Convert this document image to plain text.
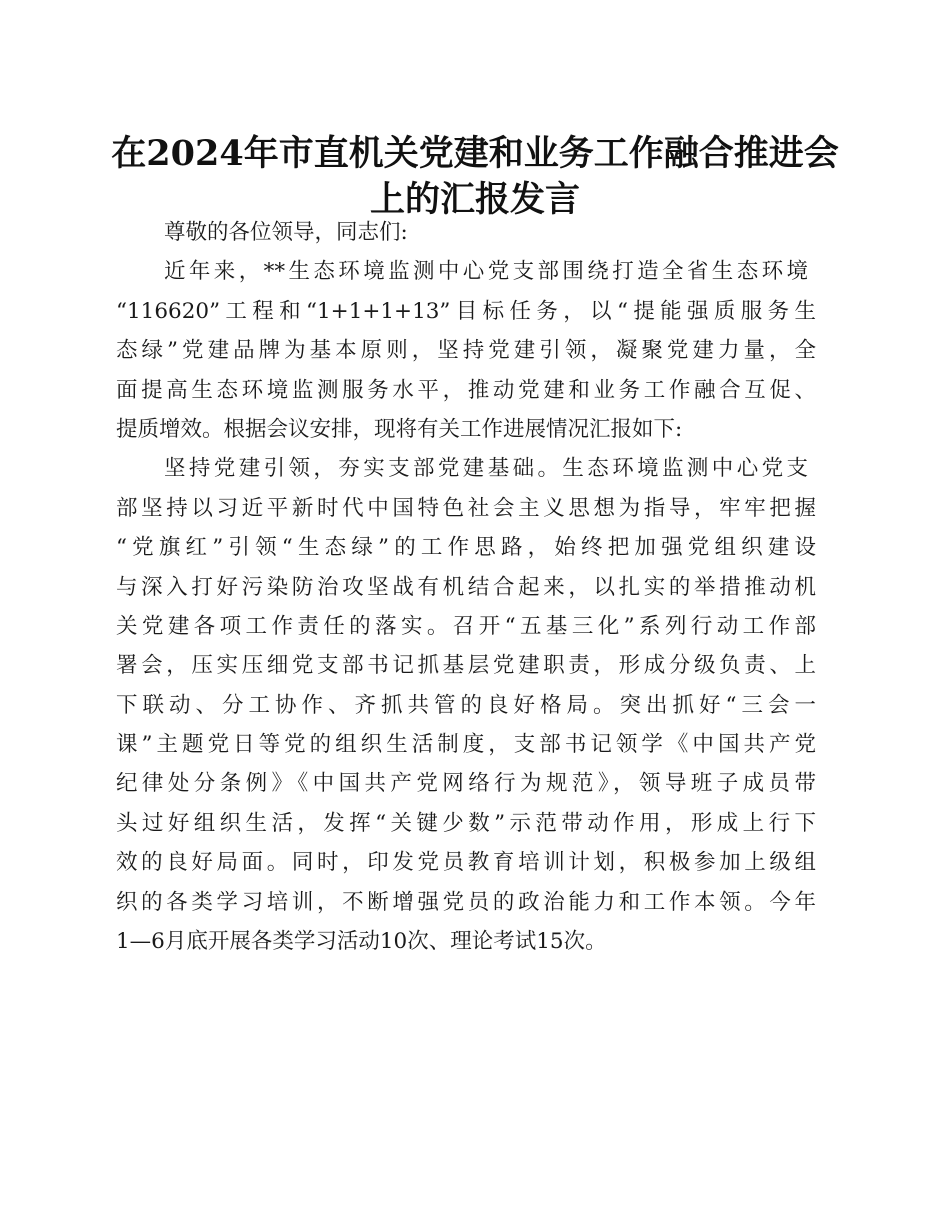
在2024年市直机关党建和业务工作融合推进会
上的汇报发言
尊敬的各位领导，同志们:
近年来，**生态环境监测中心党支部围绕打造全省生态环境
“116620”工程和“1+1+1+13”目标任务，以“提能强质服务生
态绿”党建品牌为基本原则，坚持党建引领，凝聚党建力量，全
面提高生态环境监测服务水平，推动党建和业务工作融合互促、
提质增效。根据会议安排，现将有关工作进展情况汇报如下:
坚持党建引领，夯实支部党建基础。生态环境监测中心党支
部坚持以习近平新时代中国特色社会主义思想为指导，牢牢把握
“党旗红”引领“生态绿”的工作思路，始终把加强党组织建设
与深入打好污染防治攻坚战有机结合起来，以扎实的举措推动机
关党建各项工作责任的落实。召开“五基三化”系列行动工作部
署会，压实压细党支部书记抓基层党建职责，形成分级负责、上
下联动、分工协作、齐抓共管的良好格局。突出抓好“三会一
课”主题党日等党的组织生活制度，支部书记领学《中国共产党
纪律处分条例》《中国共产党网络行为规范》，领导班子成员带
头过好组织生活，发挥“关键少数”示范带动作用，形成上行下
效的良好局面。同时，印发党员教育培训计划，积极参加上级组
织的各类学习培训，不断增强党员的政治能力和工作本领。今年
1—6月底开展各类学习活动10次、理论考试15次。
